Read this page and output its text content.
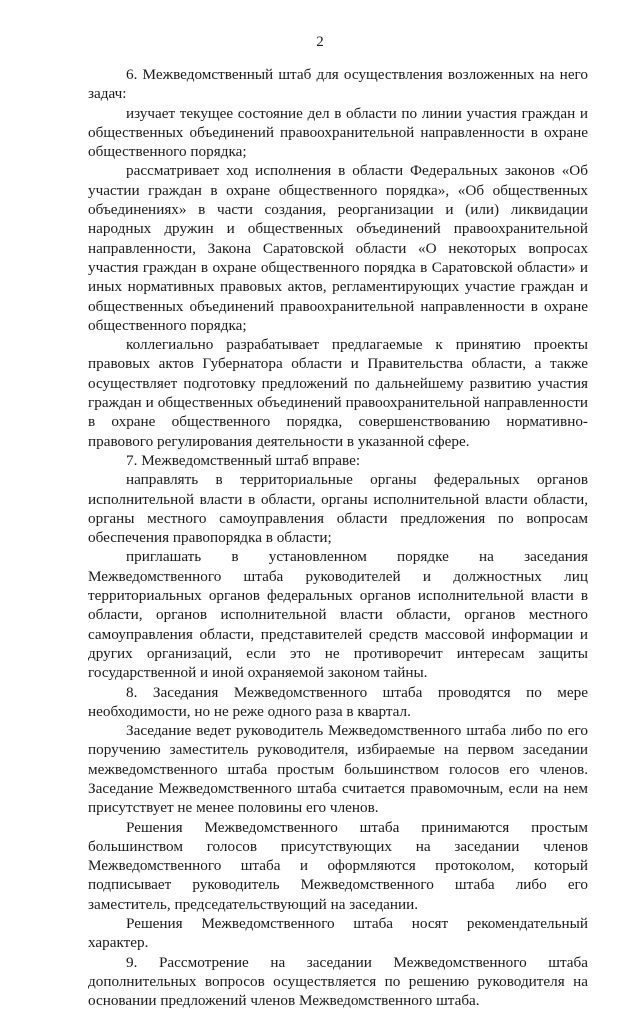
2

6. Межведомственный штаб для осуществления возложенных на него задач:

изучает текущее состояние дел в области по линии участия граждан и общественных объединений правоохранительной направленности в охране общественного порядка;

рассматривает ход исполнения в области Федеральных законов «Об участии граждан в охране общественного порядка», «Об общественных объединениях» в части создания, реорганизации и (или) ликвидации народных дружин и общественных объединений правоохранительной направленности, Закона Саратовской области «О некоторых вопросах участия граждан в охране общественного порядка в Саратовской области» и иных нормативных правовых актов, регламентирующих участие граждан и общественных объединений правоохранительной направленности в охране общественного порядка;

коллегиально разрабатывает предлагаемые к принятию проекты правовых актов Губернатора области и Правительства области, а также осуществляет подготовку предложений по дальнейшему развитию участия граждан и общественных объединений правоохранительной направленности в охране общественного порядка, совершенствованию нормативно-правового регулирования деятельности в указанной сфере.

7. Межведомственный штаб вправе:

направлять в территориальные органы федеральных органов исполнительной власти в области, органы исполнительной власти области, органы местного самоуправления области предложения по вопросам обеспечения правопорядка в области;

приглашать в установленном порядке на заседания Межведомственного штаба руководителей и должностных лиц территориальных органов федеральных органов исполнительной власти в области, органов исполнительной власти области, органов местного самоуправления области, представителей средств массовой информации и других организаций, если это не противоречит интересам защиты государственной и иной охраняемой законом тайны.

8. Заседания Межведомственного штаба проводятся по мере необходимости, но не реже одного раза в квартал.

Заседание ведет руководитель Межведомственного штаба либо по его поручению заместитель руководителя, избираемые на первом заседании межведомственного штаба простым большинством голосов его членов. Заседание Межведомственного штаба считается правомочным, если на нем присутствует не менее половины его членов.

Решения Межведомственного штаба принимаются простым большинством голосов присутствующих на заседании членов Межведомственного штаба и оформляются протоколом, который подписывает руководитель Межведомственного штаба либо его заместитель, председательствующий на заседании.

Решения Межведомственного штаба носят рекомендательный характер.

9. Рассмотрение на заседании Межведомственного штаба дополнительных вопросов осуществляется по решению руководителя на основании предложений членов Межведомственного штаба.
